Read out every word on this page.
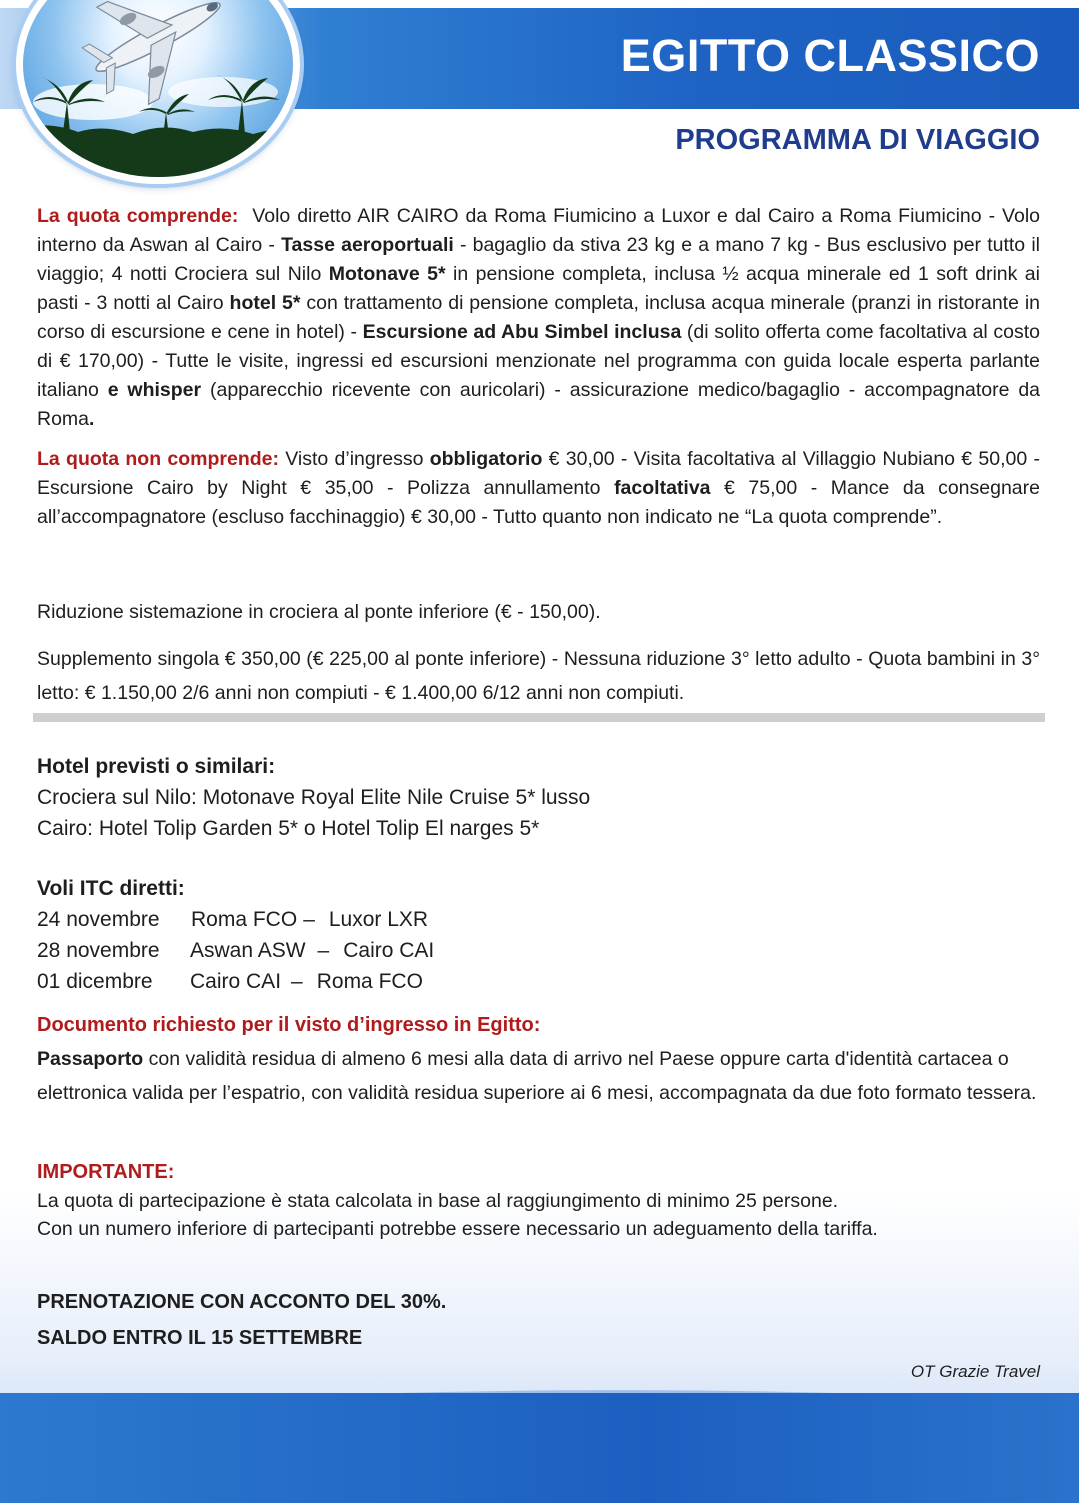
EGITTO CLASSICO
PROGRAMMA DI VIAGGIO

La quota comprende: Volo diretto AIR CAIRO da Roma Fiumicino a Luxor e dal Cairo a Roma Fiumicino - Volo interno da Aswan al Cairo - Tasse aeroportuali - bagaglio da stiva 23 kg e a mano 7 kg - Bus esclusivo per tutto il viaggio; 4 notti Crociera sul Nilo Motonave 5* in pensione completa, inclusa ½ acqua minerale ed 1 soft drink ai pasti - 3 notti al Cairo hotel 5* con trattamento di pensione completa, inclusa acqua minerale (pranzi in ristorante in corso di escursione e cene in hotel) - Escursione ad Abu Simbel inclusa (di solito offerta come facoltativa al costo di € 170,00) - Tutte le visite, ingressi ed escursioni menzionate nel programma con guida locale esperta parlante italiano e whisper (apparecchio ricevente con auricolari) - assicurazione medico/bagaglio - accompagnatore da Roma.

La quota non comprende: Visto d’ingresso obbligatorio € 30,00 - Visita facoltativa al Villaggio Nubiano € 50,00 - Escursione Cairo by Night € 35,00 - Polizza annullamento facoltativa € 75,00 - Mance da consegnare all’accompagnatore (escluso facchinaggio) € 30,00 - Tutto quanto non indicato ne “La quota comprende”.

Riduzione sistemazione in crociera al ponte inferiore (€ - 150,00).

Supplemento singola € 350,00 (€ 225,00 al ponte inferiore) - Nessuna riduzione 3° letto adulto - Quota bambini in 3° letto: € 1.150,00 2/6 anni non compiuti - € 1.400,00 6/12 anni non compiuti.

Hotel previsti o similari:
Crociera sul Nilo: Motonave Royal Elite Nile Cruise 5* lusso
Cairo: Hotel Tolip Garden 5* o Hotel Tolip El narges 5*
Voli ITC diretti:
24 novembre Roma FCO – Luxor LXR
28 novembre Aswan ASW – Cairo CAI
01 dicembre Cairo CAI – Roma FCO
Documento richiesto per il visto d’ingresso in Egitto:

Passaporto con validità residua di almeno 6 mesi alla data di arrivo nel Paese oppure carta d'identità cartacea o elettronica valida per l’espatrio, con validità residua superiore ai 6 mesi, accompagnata da due foto formato tessera.

IMPORTANTE:
La quota di partecipazione è stata calcolata in base al raggiungimento di minimo 25 persone.
Con un numero inferiore di partecipanti potrebbe essere necessario un adeguamento della tariffa.
PRENOTAZIONE CON ACCONTO DEL 30%.
SALDO ENTRO IL 15 SETTEMBRE
OT Grazie Travel
